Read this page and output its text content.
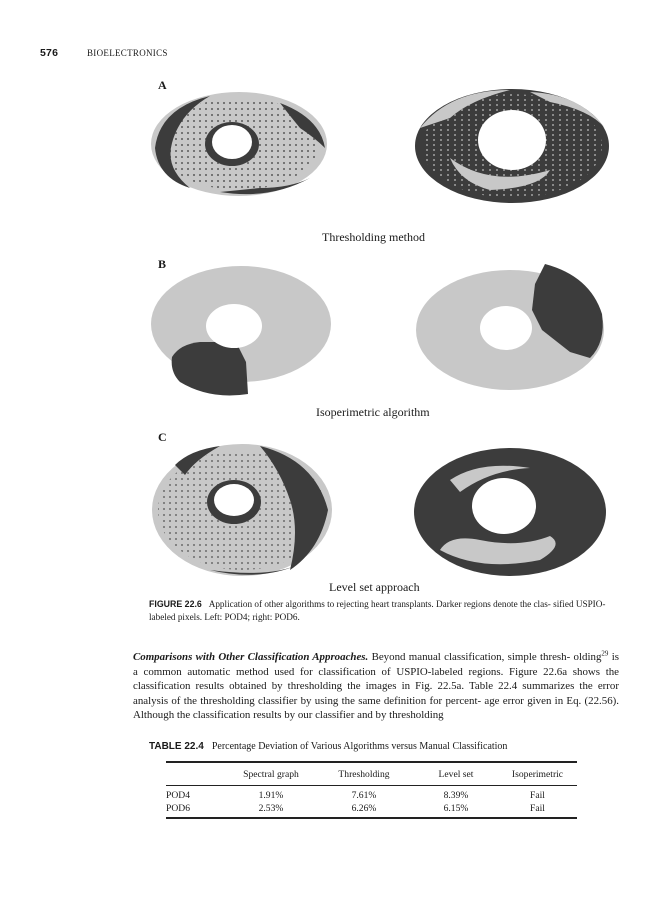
576	BIOELECTRONICS
A
Thresholding method
B
Isoperimetric algorithm
C
Level set approach
FIGURE 22.6 Application of other algorithms to rejecting heart transplants. Darker regions denote the clas- sified USPIO-labeled pixels. Left: POD4; right: POD6.
Comparisons with Other Classification Approaches. Beyond manual classification, simple thresh- olding$^{29}$ is a common automatic method used for classification of USPIO-labeled regions. Figure 22.6a shows the classification results obtained by thresholding the images in Fig. 22.5a. Table 22.4 summarizes the error analysis of the thresholding classifier by using the same definition for percent- age error given in Eq. (22.56). Although the classification results by our classifier and by thresholding
TABLE 22.4 Percentage Deviation of Various Algorithms versus Manual Classification
	Spectral graph	Thresholding	Level set	Isoperimetric
POD4	1.91%	7.61%	8.39%	Fail
POD6	2.53%	6.26%	6.15%	Fail
